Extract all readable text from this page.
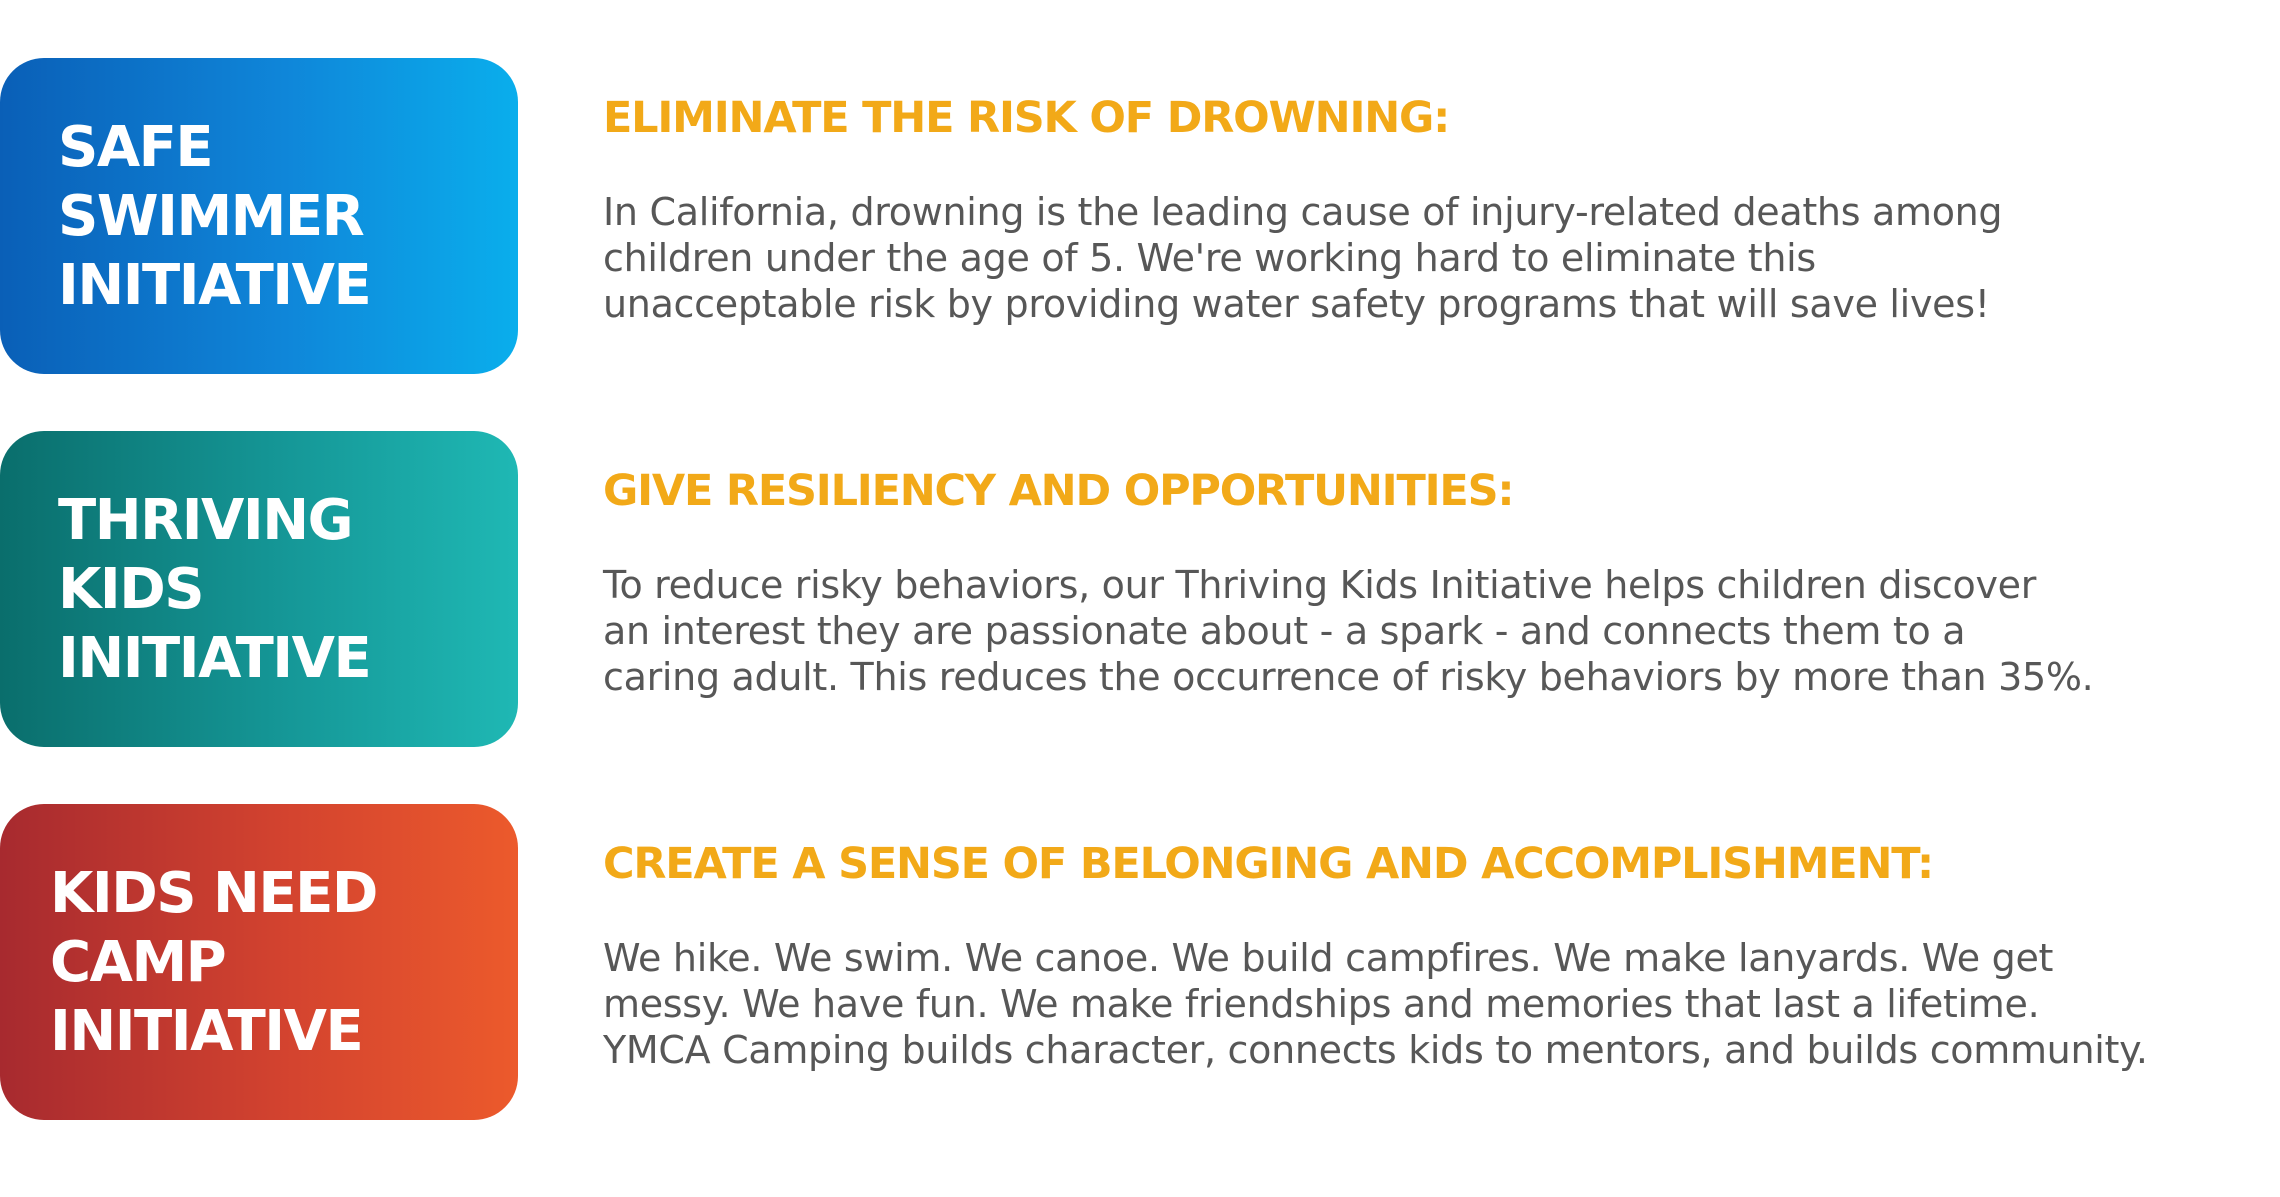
SAFE
SWIMMER
INITIATIVE
ELIMINATE THE RISK OF DROWNING:

In California, drowning is the leading cause of injury-related deaths among
children under the age of 5. We're working hard to eliminate this
unacceptable risk by providing water safety programs that will save lives!

THRIVING
KIDS
INITIATIVE
GIVE RESILIENCY AND OPPORTUNITIES:

To reduce risky behaviors, our Thriving Kids Initiative helps children discover
an interest they are passionate about - a spark - and connects them to a
caring adult. This reduces the occurrence of risky behaviors by more than 35%.

KIDS NEED
CAMP
INITIATIVE
CREATE A SENSE OF BELONGING AND ACCOMPLISHMENT:

We hike. We swim. We canoe. We build campfires. We make lanyards. We get
messy. We have fun. We make friendships and memories that last a lifetime.
YMCA Camping builds character, connects kids to mentors, and builds community.
